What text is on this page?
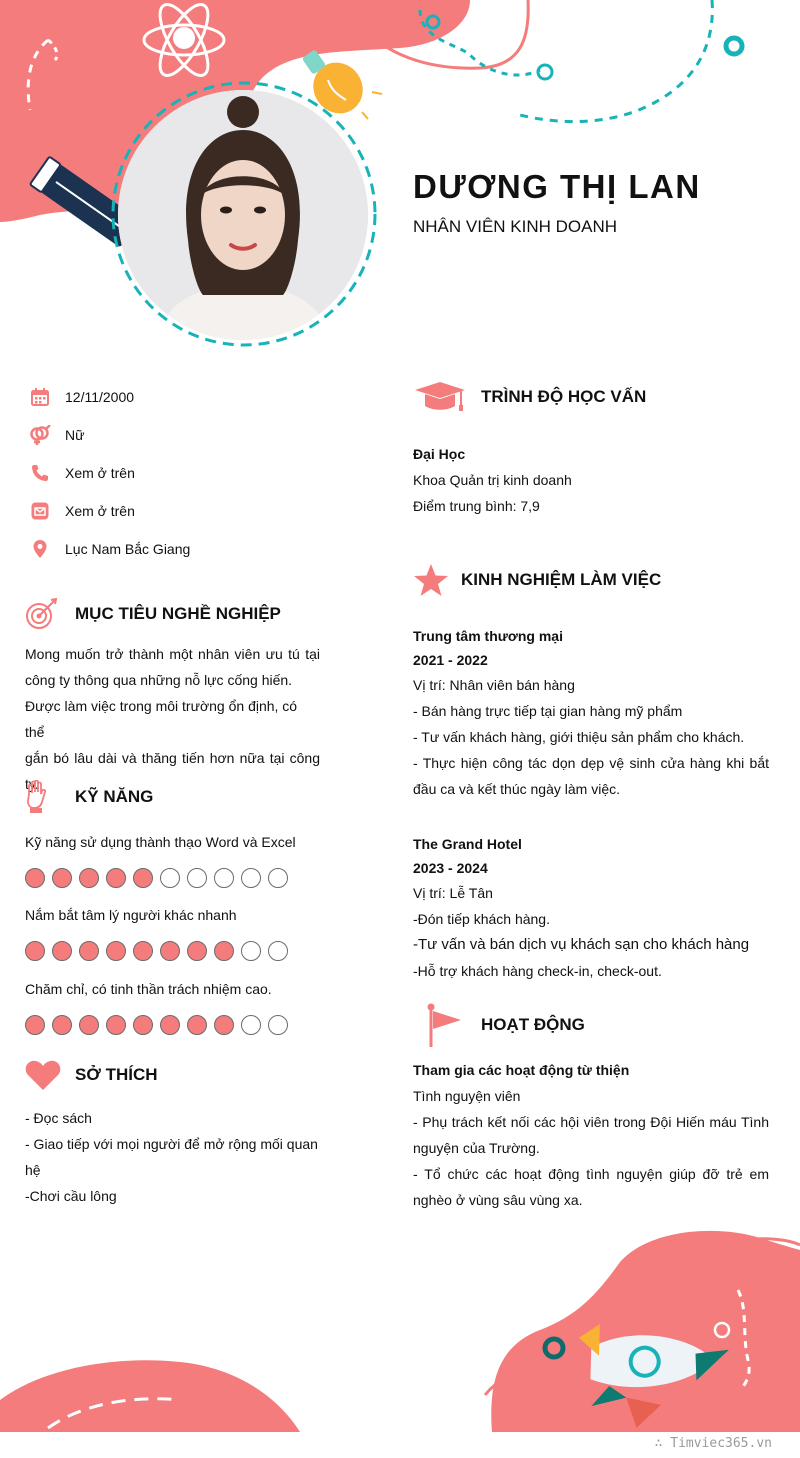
DƯƠNG THỊ LAN
NHÂN VIÊN KINH DOANH
12/11/2000
Nữ
Xem ở trên
Xem ở trên
Lục Nam Bắc Giang
MỤC TIÊU NGHỀ NGHIỆP
Mong muốn trở thành một nhân viên ưu tú tại
công ty thông qua những nỗ lực cống hiến.
Được làm việc trong môi trường ổn định, có thể
gắn bó lâu dài và thăng tiến hơn nữa tại công
ty.
KỸ NĂNG
Kỹ năng sử dụng thành thạo Word và Excel
Nắm bắt tâm lý người khác nhanh
Chăm chỉ, có tinh thần trách nhiệm cao.
SỞ THÍCH
- Đọc sách
- Giao tiếp với mọi người để mở rộng mối quan
hệ
-Chơi cầu lông
TRÌNH ĐỘ HỌC VẤN
Đại Học
Khoa Quản trị kinh doanh
Điểm trung bình: 7,9
KINH NGHIỆM LÀM VIỆC
Trung tâm thương mại
2021 - 2022
Vị trí: Nhân viên bán hàng
- Bán hàng trực tiếp tại gian hàng mỹ phẩm
- Tư vấn khách hàng, giới thiệu sản phẩm cho khách.
- Thực hiện công tác dọn dẹp vệ sinh cửa hàng khi bắt
đầu ca và kết thúc ngày làm việc.
The Grand Hotel
2023 - 2024
Vị trí: Lễ Tân
-Đón tiếp khách hàng.
-Tư vấn và bán dịch vụ khách sạn cho khách hàng
-Hỗ trợ khách hàng check-in, check-out.
HOẠT ĐỘNG
Tham gia các hoạt động từ thiện
Tình nguyện viên
- Phụ trách kết nối các hội viên trong Đội Hiến máu Tình
nguyện của Trường.
- Tổ chức các hoạt động tình nguyện giúp đỡ trẻ em
nghèo ở vùng sâu vùng xa.
∴ Timviec365.vn
